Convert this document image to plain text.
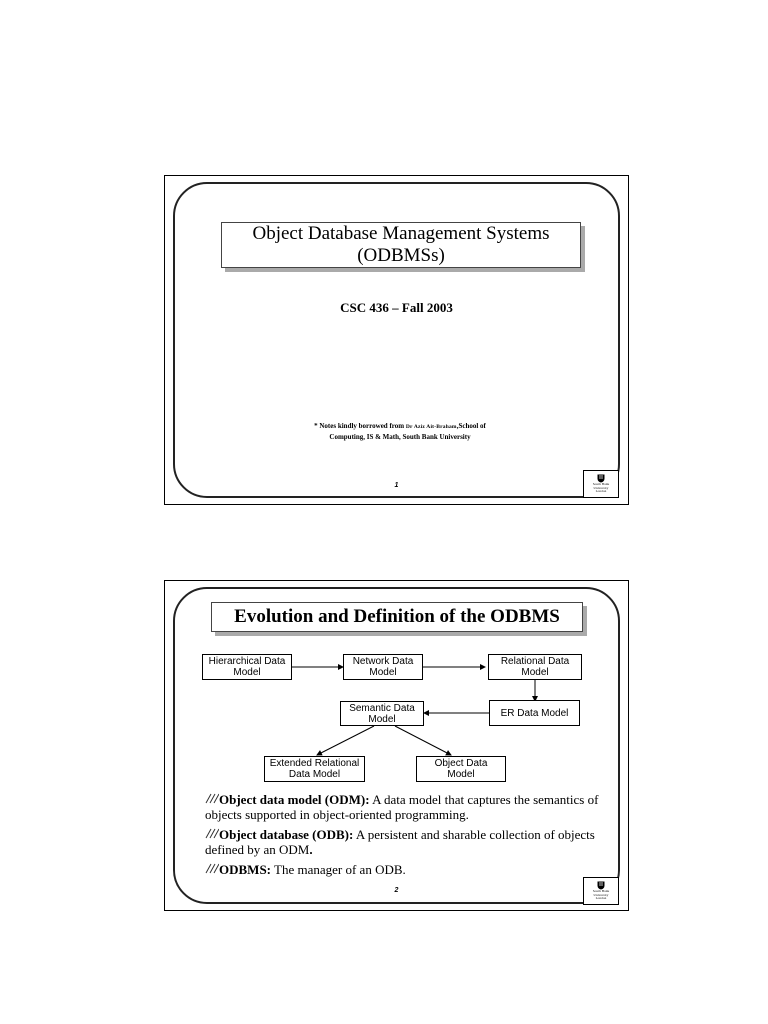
Object Database Management Systems
(ODBMSs)
CSC 436 – Fall 2003
* Notes kindly borrowed from Dr Aziz Ait-Braham,School of
Computing, IS & Math, South Bank University
1	South Bank
University
London
Evolution and Definition of the ODBMS
Hierarchical Data
Model
Network Data
Model
Relational Data
Model
ER Data Model
Semantic Data
Model
Extended Relational
Data Model
Object Data
Model
Object data model (ODM): A data model that captures the semantics of objects supported in object-oriented programming.
Object database (ODB): A persistent and sharable collection of objects defined by an ODM.
ODBMS: The manager of an ODB.
2	South Bank
University
London
